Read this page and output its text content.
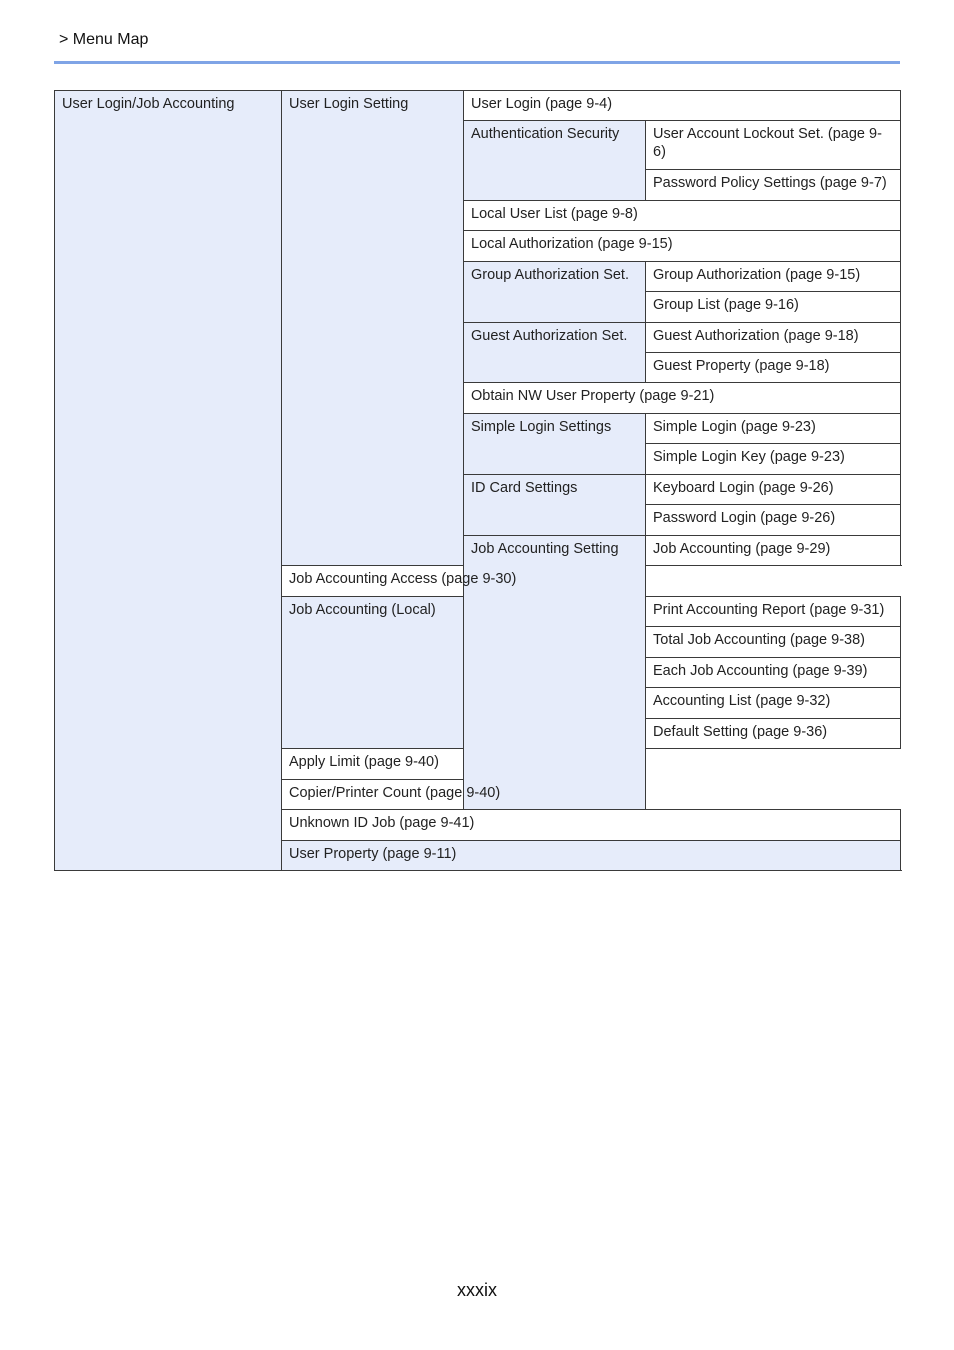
> Menu Map
User Login/Job Accounting	User Login Setting	User Login (page 9-4)	
		Authentication Security	User Account Lockout Set. (page 9-6)
			Password Policy Settings (page 9-7)
		Local User List (page 9-8)	
		Local Authorization (page 9-15)	
		Group Authorization Set.	Group Authorization (page 9-15)
			Group List (page 9-16)
		Guest Authorization Set.	Guest Authorization (page 9-18)
			Guest Property (page 9-18)
		Obtain NW User Property (page 9-21)	
		Simple Login Settings	Simple Login (page 9-23)
			Simple Login Key (page 9-23)
		ID Card Settings	Keyboard Login (page 9-26)
			Password Login (page 9-26)
		Job Accounting Setting	Job Accounting (page 9-29)
	Job Accounting Access (page 9-30)		
	Job Accounting (Local)		Print Accounting Report (page 9-31)
			Total Job Accounting (page 9-38)
			Each Job Accounting (page 9-39)
			Accounting List (page 9-32)
			Default Setting (page 9-36)
	Apply Limit (page 9-40)		
	Copier/Printer Count (page 9-40)		
	Unknown ID Job (page 9-41)		
	User Property (page 9-11)		
xxxix
